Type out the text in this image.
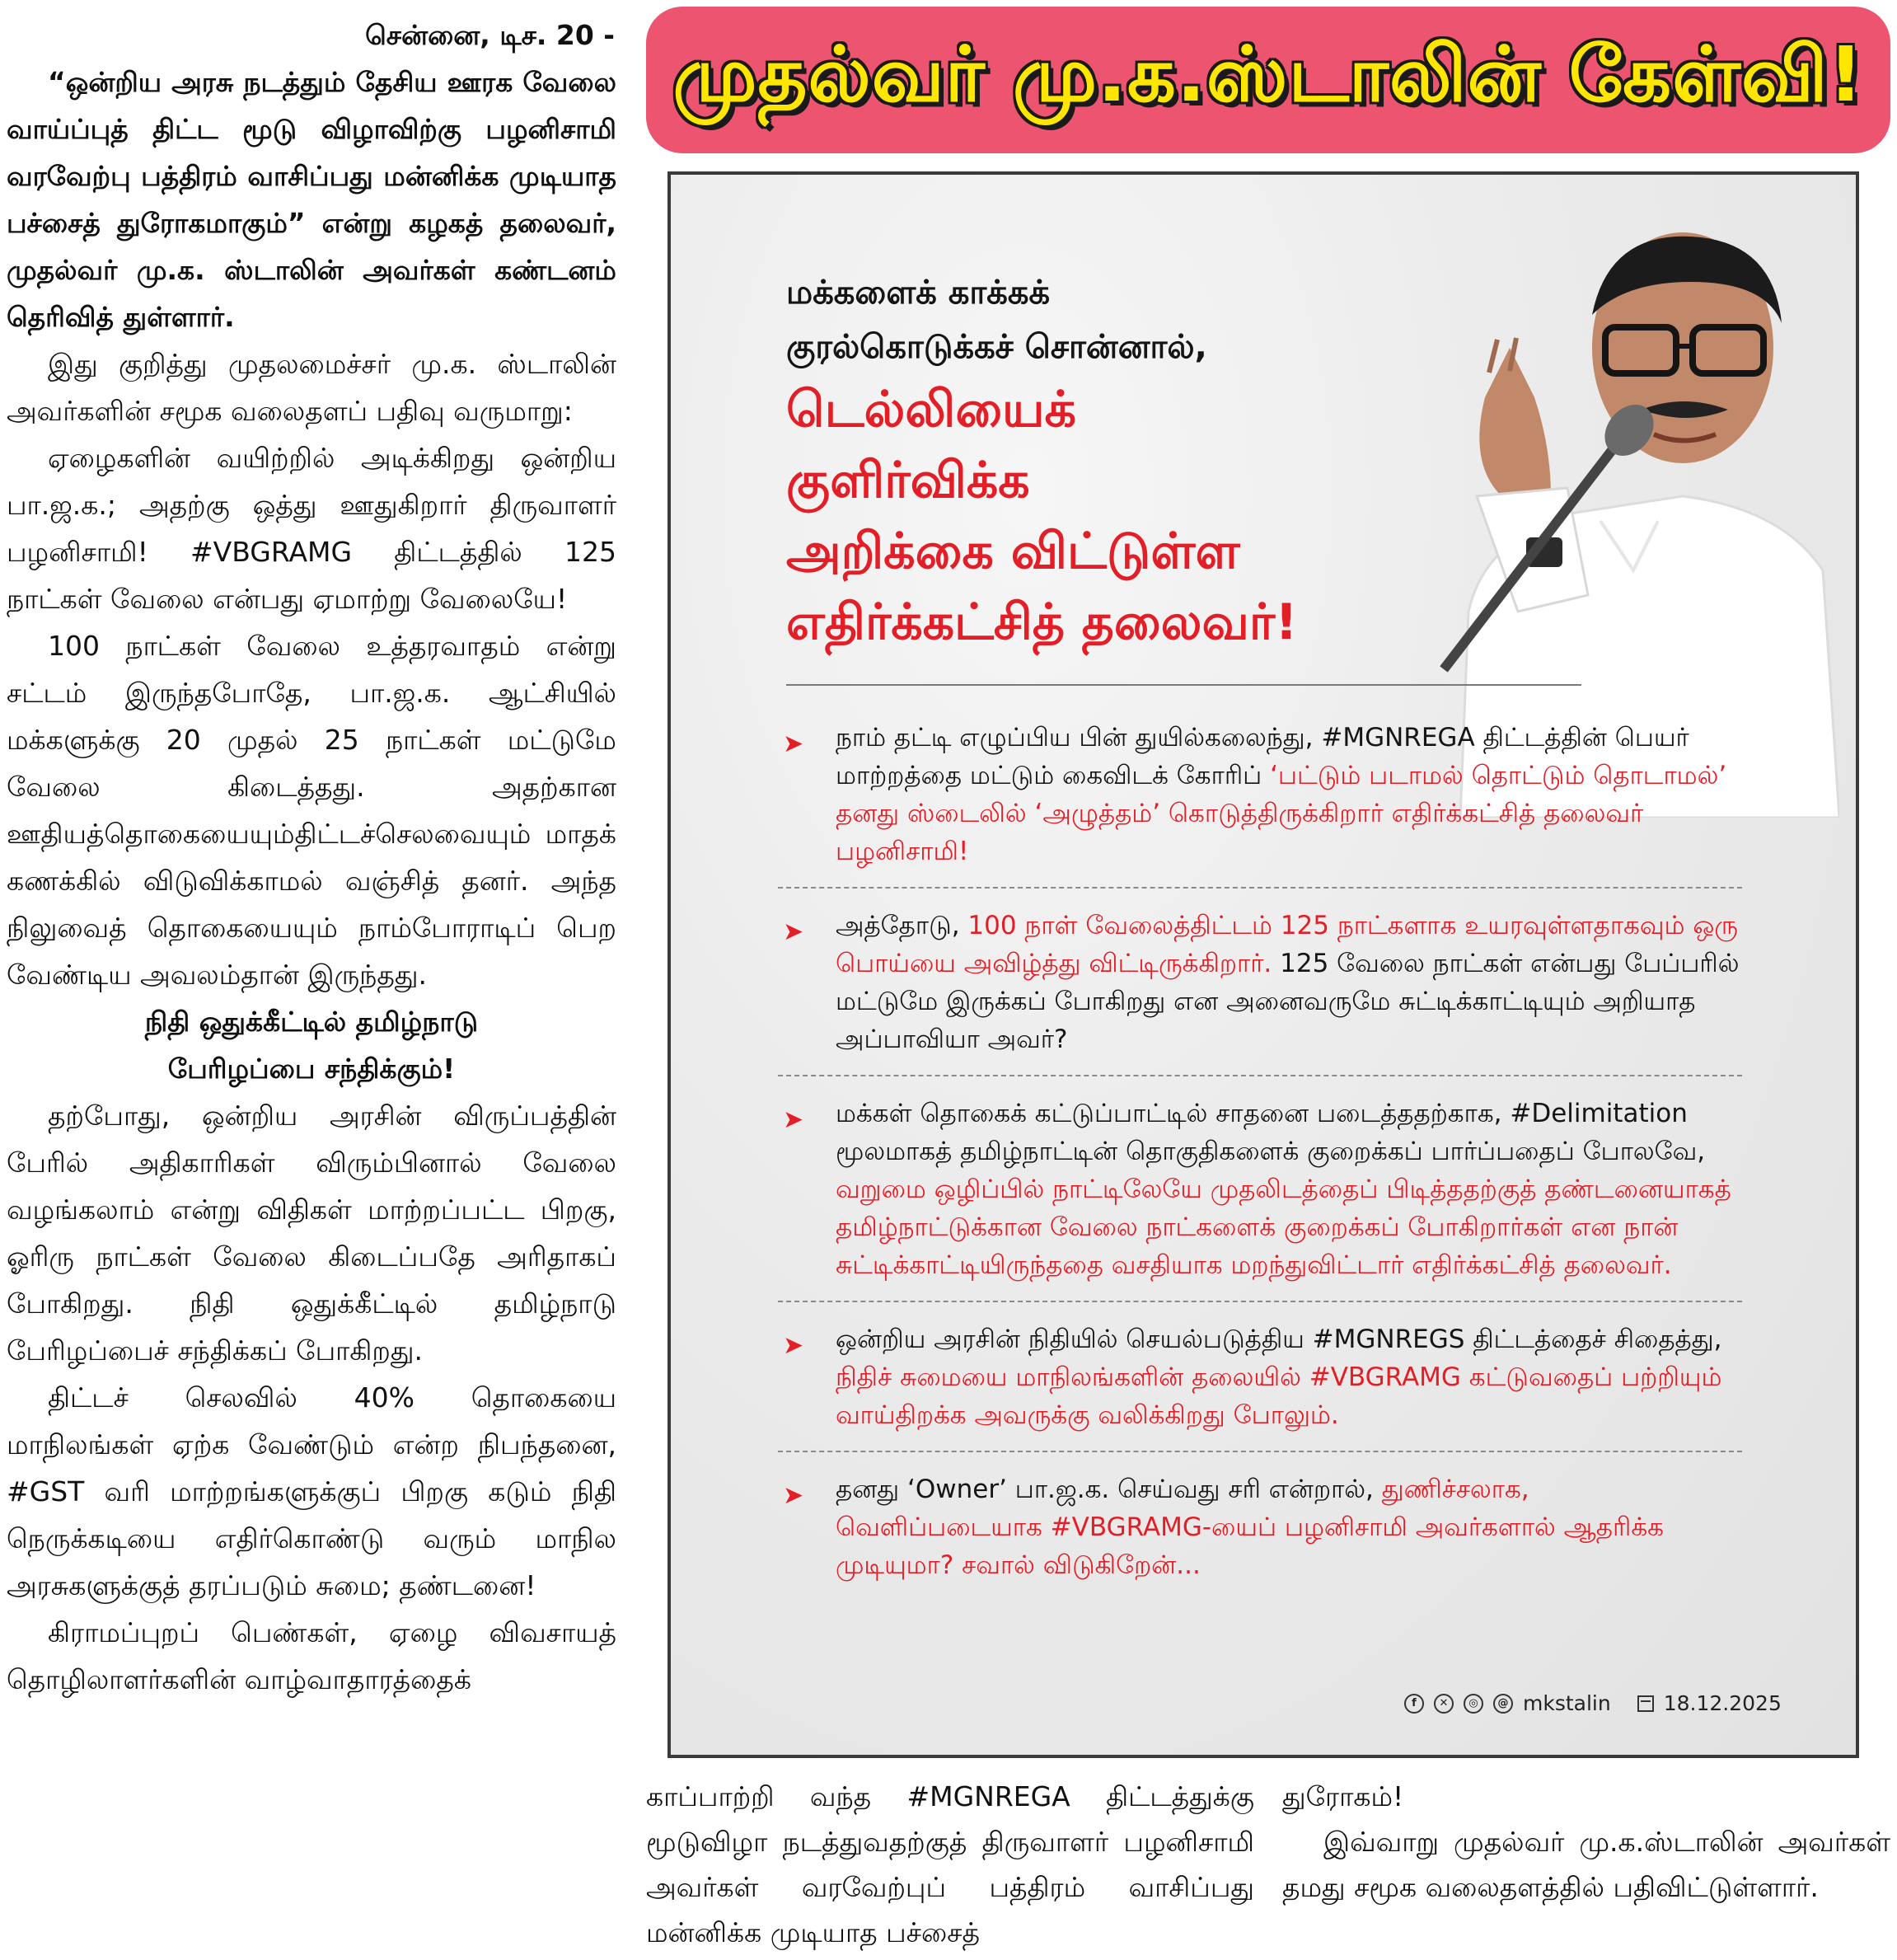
சென்னை, டிச. 20 -

“ஒன்றிய அரசு நடத்தும் தேசிய ஊரக வேலை வாய்ப்புத் திட்ட மூடு விழாவிற்கு பழனிசாமி வரவேற்பு பத்திரம் வாசிப்பது மன்னிக்க முடியாத பச்சைத் துரோகமாகும்” என்று கழகத் தலைவர், முதல்வர் மு.க. ஸ்டாலின் அவர்கள் கண்டனம் தெரிவித் துள்ளார்.

இது குறித்து முதலமைச்சர் மு.க. ஸ்டாலின் அவர்களின் சமூக வலைதளப் பதிவு வருமாறு:

ஏழைகளின் வயிற்றில் அடிக்கிறது ஒன்றிய பா.ஜ.க.; அதற்கு ஒத்து ஊதுகிறார் திருவாளர் பழனிசாமி! #VBGRAMG திட்டத்தில் 125 நாட்கள் வேலை என்பது ஏமாற்று வேலையே!

100 நாட்கள் வேலை உத்தரவாதம் என்று சட்டம் இருந்தபோதே, பா.ஜ.க. ஆட்சியில் மக்களுக்கு 20 முதல் 25 நாட்கள் மட்டுமே வேலை கிடைத்தது. அதற்கான ஊதியத்தொகையையும்திட்டச்செலவையும் மாதக் கணக்கில் விடுவிக்காமல் வஞ்சித் தனர். அந்த நிலுவைத் தொகையையும் நாம்போராடிப் பெற வேண்டிய அவலம்தான் இருந்தது.

நிதி ஒதுக்கீட்டில் தமிழ்நாடு
பேரிழப்பை சந்திக்கும்!

தற்போது, ஒன்றிய அரசின் விருப்பத்தின் பேரில் அதிகாரிகள் விரும்பினால் வேலை வழங்கலாம் என்று விதிகள் மாற்றப்பட்ட பிறகு, ஓரிரு நாட்கள் வேலை கிடைப்பதே அரிதாகப் போகிறது. நிதி ஒதுக்கீட்டில் தமிழ்நாடு பேரிழப்பைச் சந்திக்கப் போகிறது.

திட்டச் செலவில் 40% தொகையை மாநிலங்கள் ஏற்க வேண்டும் என்ற நிபந்தனை, #GST வரி மாற்றங்களுக்குப் பிறகு கடும் நிதி நெருக்கடியை எதிர்கொண்டு வரும் மாநில அரசுகளுக்குத் தரப்படும் சுமை; தண்டனை!

கிராமப்புறப் பெண்கள், ஏழை விவசாயத் தொழிலாளர்களின் வாழ்வாதாரத்தைக்

முதல்வர் மு.க.ஸ்டாலின் கேள்வி!
மக்களைக் காக்கக்
குரல்கொடுக்கச் சொன்னால்,
டெல்லியைக்
குளிர்விக்க
அறிக்கை விட்டுள்ள
எதிர்க்கட்சித் தலைவர்!
➤ நாம் தட்டி எழுப்பிய பின் துயில்கலைந்து, #MGNREGA திட்டத்தின் பெயர் மாற்றத்தை மட்டும் கைவிடக் கோரிப் ‘பட்டும் படாமல் தொட்டும் தொடாமல்’ தனது ஸ்டைலில் ‘அழுத்தம்’ கொடுத்திருக்கிறார் எதிர்க்கட்சித் தலைவர் பழனிசாமி!
➤ அத்தோடு, 100 நாள் வேலைத்திட்டம் 125 நாட்களாக உயரவுள்ளதாகவும் ஒரு பொய்யை அவிழ்த்து விட்டிருக்கிறார். 125 வேலை நாட்கள் என்பது பேப்பரில் மட்டுமே இருக்கப் போகிறது என அனைவருமே சுட்டிக்காட்டியும் அறியாத அப்பாவியா அவர்?
➤ மக்கள் தொகைக் கட்டுப்பாட்டில் சாதனை படைத்ததற்காக, #Delimitation மூலமாகத் தமிழ்நாட்டின் தொகுதிகளைக் குறைக்கப் பார்ப்பதைப் போலவே, வறுமை ஒழிப்பில் நாட்டிலேயே முதலிடத்தைப் பிடித்ததற்குத் தண்டனையாகத் தமிழ்நாட்டுக்கான வேலை நாட்களைக் குறைக்கப் போகிறார்கள் என நான் சுட்டிக்காட்டியிருந்ததை வசதியாக மறந்துவிட்டார் எதிர்க்கட்சித் தலைவர்.
➤ ஒன்றிய அரசின் நிதியில் செயல்படுத்திய #MGNREGS திட்டத்தைச் சிதைத்து, நிதிச் சுமையை மாநிலங்களின் தலையில் #VBGRAMG கட்டுவதைப் பற்றியும் வாய்திறக்க அவருக்கு வலிக்கிறது போலும்.
➤ தனது ‘Owner’ பா.ஜ.க. செய்வது சரி என்றால், துணிச்சலாக, வெளிப்படையாக #VBGRAMG-யைப் பழனிசாமி அவர்களால் ஆதரிக்க முடியுமா? சவால் விடுகிறேன்...
f	✕	◎	@ mkstalin	18.12.2025

காப்பாற்றி வந்த #MGNREGA திட்டத்துக்கு மூடுவிழா நடத்துவதற்குத் திருவாளர் பழனிசாமி அவர்கள் வரவேற்புப் பத்திரம் வாசிப்பது மன்னிக்க முடியாத பச்சைத்

துரோகம்!

இவ்வாறு முதல்வர் மு.க.ஸ்டாலின் அவர்கள் தமது சமூக வலைதளத்தில் பதிவிட்டுள்ளார்.
